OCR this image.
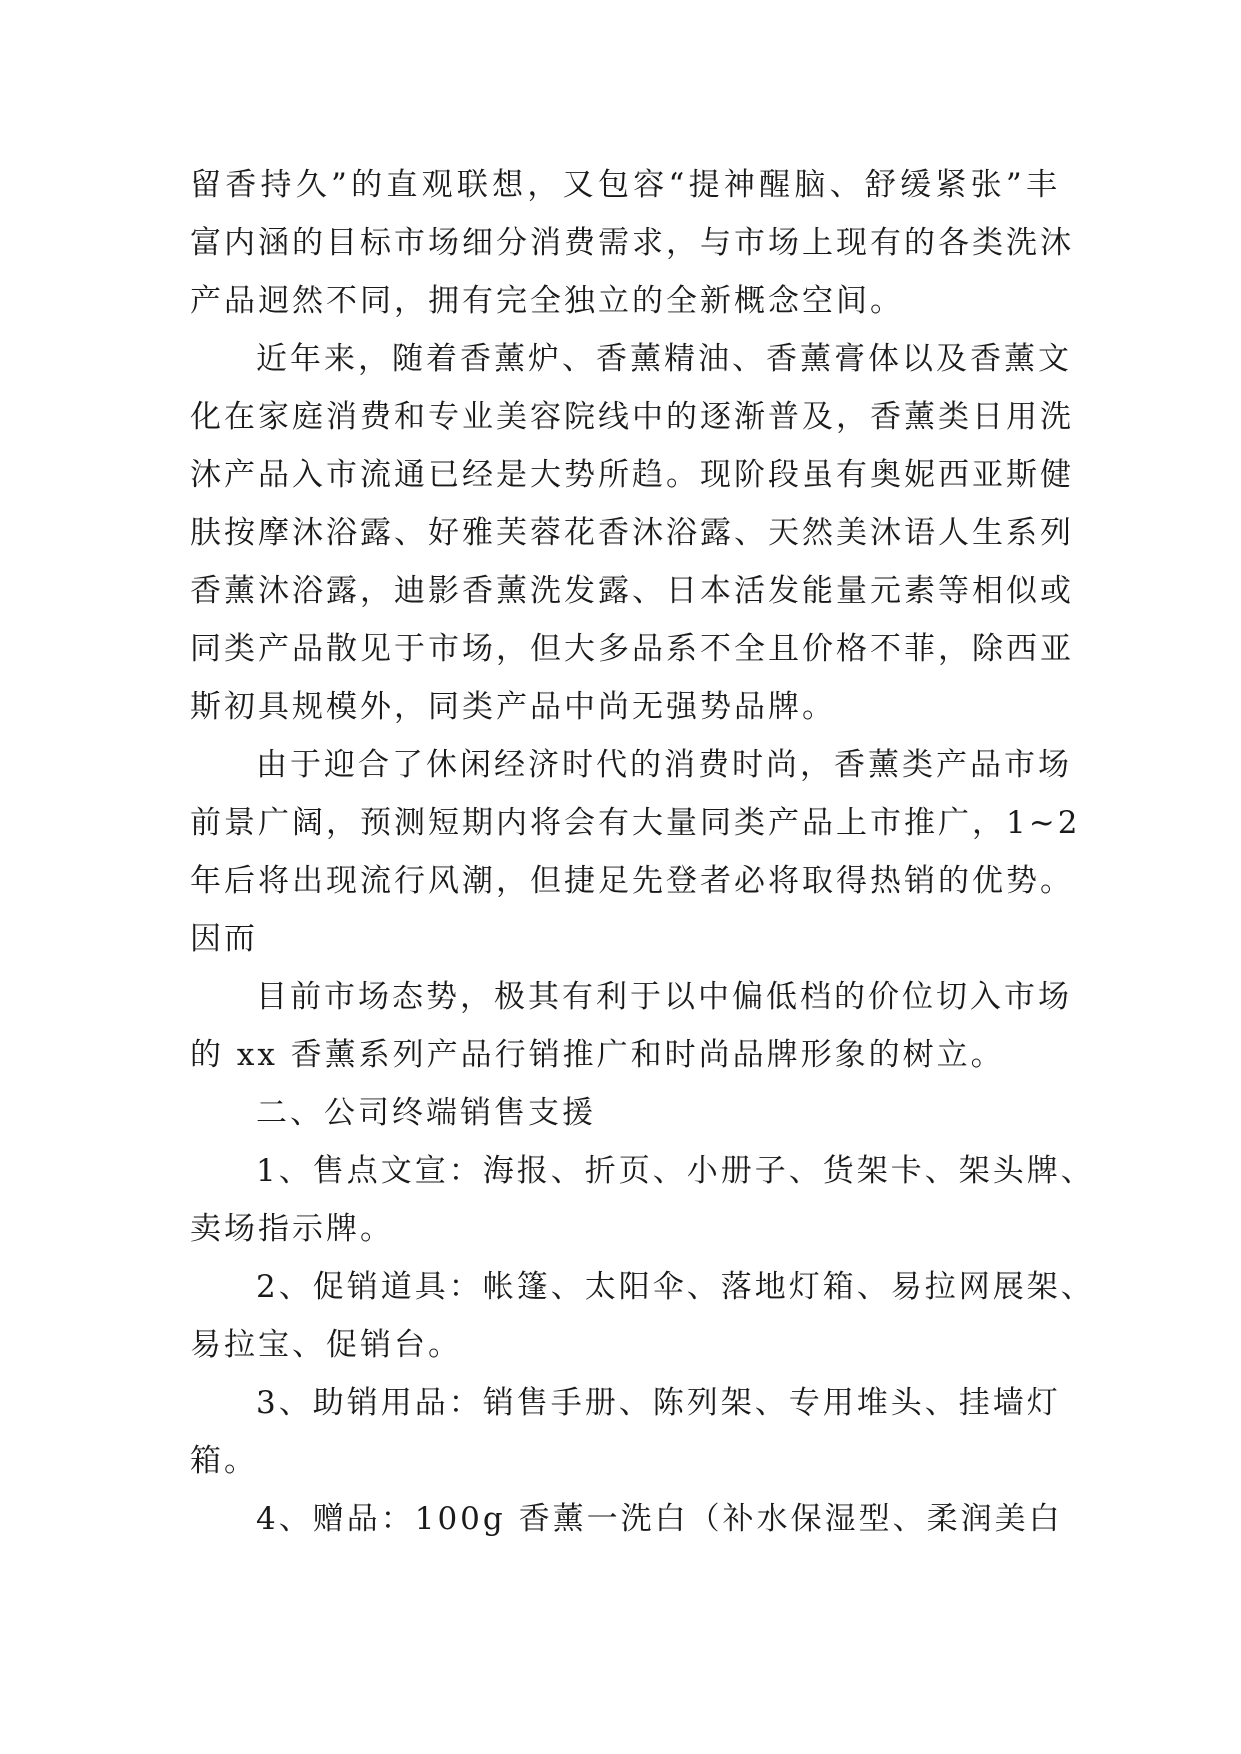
留香持久”的直观联想，又包容“提神醒脑、舒缓紧张”丰
富内涵的目标市场细分消费需求，与市场上现有的各类洗沐
产品迥然不同，拥有完全独立的全新概念空间。
近年来，随着香薰炉、香薰精油、香薰膏体以及香薰文
化在家庭消费和专业美容院线中的逐渐普及，香薰类日用洗
沐产品入市流通已经是大势所趋。现阶段虽有奥妮西亚斯健
肤按摩沐浴露、好雅芙蓉花香沐浴露、天然美沐语人生系列
香薰沐浴露，迪影香薰洗发露、日本活发能量元素等相似或
同类产品散见于市场，但大多品系不全且价格不菲，除西亚
斯初具规模外，同类产品中尚无强势品牌。
由于迎合了休闲经济时代的消费时尚，香薰类产品市场
前景广阔，预测短期内将会有大量同类产品上市推广，1~2
年后将出现流行风潮，但捷足先登者必将取得热销的优势。
因而
目前市场态势，极其有利于以中偏低档的价位切入市场
的 xx 香薰系列产品行销推广和时尚品牌形象的树立。
二、公司终端销售支援
1、售点文宣：海报、折页、小册子、货架卡、架头牌、
卖场指示牌。
2、促销道具：帐篷、太阳伞、落地灯箱、易拉网展架、
易拉宝、促销台。
3、助销用品：销售手册、陈列架、专用堆头、挂墙灯
箱。
4、赠品：100g 香薰一洗白（补水保湿型、柔润美白
